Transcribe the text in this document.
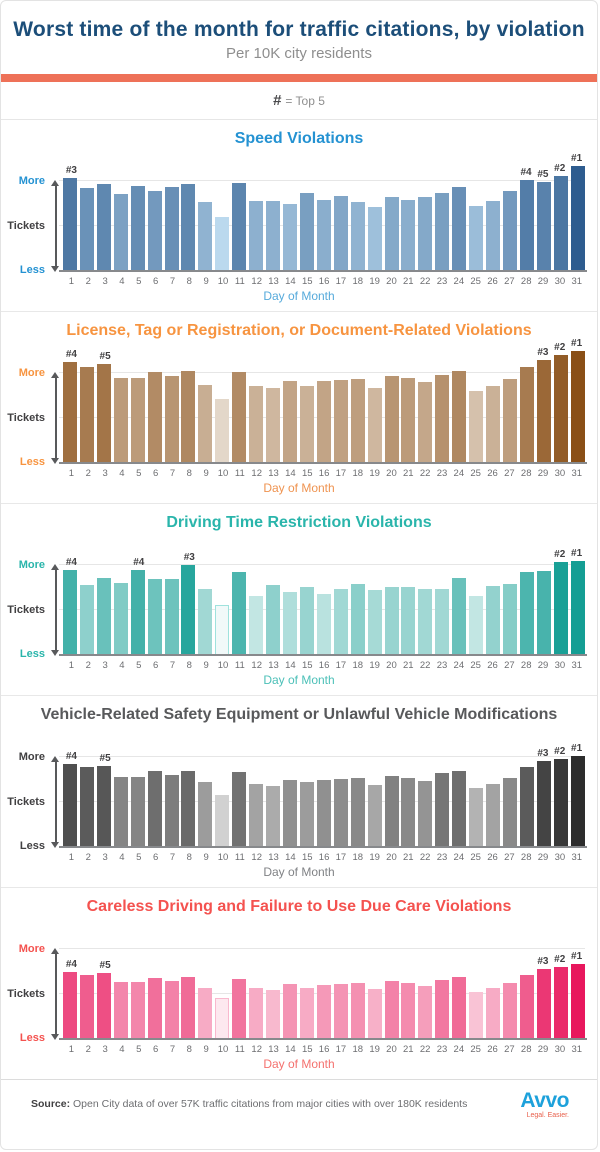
Worst time of the month for traffic citations, by violation
Per 10K city residents
# = Top 5
Speed Violations
More
Tickets
Less
#3	#4 #5
#2
#1
1	2	3	4	5	6	7	8	9 10 11 12 13 14 15 16 17 18 19 20 21 22 23 24 25 26 27 28 29 30 31
Day of Month
License, Tag or Registration, or Document-Related Violations
More
Tickets
Less
#4 #5	#3 #2 #1
1	2	3	4	5	6	7	8	9 10 11 12 13 14 15 16 17 18 19 20 21 22 23 24 25 26 27 28 29 30 31
Day of Month
Driving Time Restriction Violations
More
Tickets
Less
#4	#4	#3	#2 #1
1	2	3	4	5	6	7	8	9 10 11 12 13 14 15 16 17 18 19 20 21 22 23 24 25 26 27 28 29 30 31
Day of Month
Vehicle-Related Safety Equipment or Unlawful Vehicle Modifications
More
Tickets
Less
#4 #5	#3 #2 #1
1	2	3	4	5	6	7	8	9 10 11 12 13 14 15 16 17 18 19 20 21 22 23 24 25 26 27 28 29 30 31
Day of Month
Careless Driving and Failure to Use Due Care Violations
More
Tickets
Less
#4 #5	#3 #2 #1
1	2	3	4	5	6	7	8	9 10 11 12 13 14 15 16 17 18 19 20 21 22 23 24 25 26 27 28 29 30 31
Day of Month
Source: Open City data of over 57K traffic citations from major cities with over 180K residents	Avvo
Legal. Easier.
